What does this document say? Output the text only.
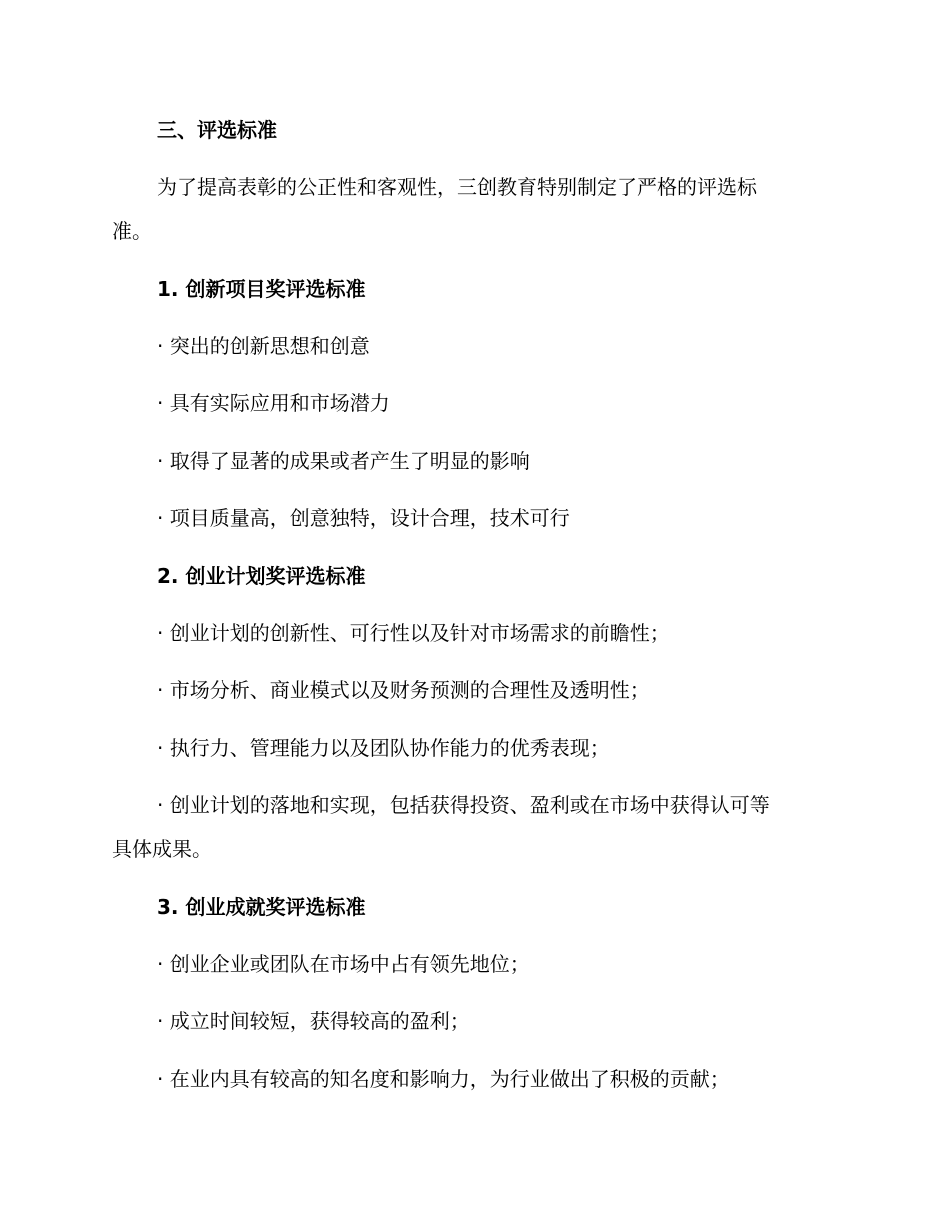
三、评选标准
为了提高表彰的公正性和客观性，三创教育特别制定了严格的评选标
准。
1. 创新项目奖评选标准
· 突出的创新思想和创意
· 具有实际应用和市场潜力
· 取得了显著的成果或者产生了明显的影响
· 项目质量高，创意独特，设计合理，技术可行
2. 创业计划奖评选标准
· 创业计划的创新性、可行性以及针对市场需求的前瞻性；
· 市场分析、商业模式以及财务预测的合理性及透明性；
· 执行力、管理能力以及团队协作能力的优秀表现；
· 创业计划的落地和实现，包括获得投资、盈利或在市场中获得认可等
具体成果。
3. 创业成就奖评选标准
· 创业企业或团队在市场中占有领先地位；
· 成立时间较短，获得较高的盈利；
· 在业内具有较高的知名度和影响力，为行业做出了积极的贡献；
